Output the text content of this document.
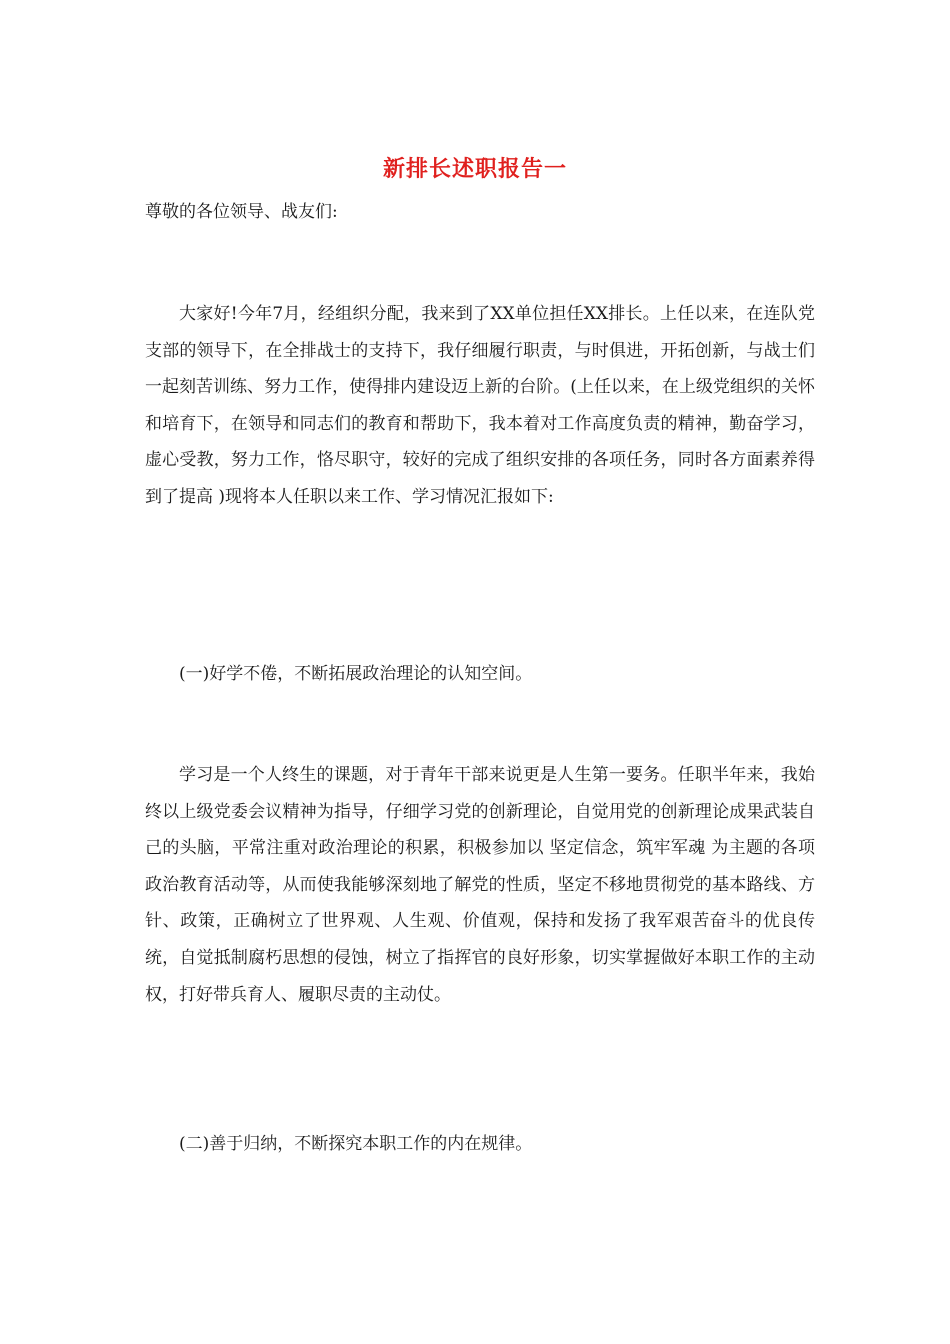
新排长述职报告一
尊敬的各位领导、战友们:

大家好!今年7月，经组织分配，我来到了XX单位担任XX排长。上任以来，在连队党支部的领导下，在全排战士的支持下，我仔细履行职责，与时俱进，开拓创新，与战士们一起刻苦训练、努力工作，使得排内建设迈上新的台阶。(上任以来，在上级党组织的关怀和培育下，在领导和同志们的教育和帮助下，我本着对工作高度负责的精神，勤奋学习，虚心受教，努力工作，恪尽职守，较好的完成了组织安排的各项任务，同时各方面素养得到了提高 )现将本人任职以来工作、学习情况汇报如下:

(一)好学不倦，不断拓展政治理论的认知空间。

学习是一个人终生的课题，对于青年干部来说更是人生第一要务。任职半年来，我始终以上级党委会议精神为指导，仔细学习党的创新理论，自觉用党的创新理论成果武装自己的头脑，平常注重对政治理论的积累，积极参加以 坚定信念，筑牢军魂 为主题的各项政治教育活动等，从而使我能够深刻地了解党的性质，坚定不移地贯彻党的基本路线、方针、政策，正确树立了世界观、人生观、价值观，保持和发扬了我军艰苦奋斗的优良传统，自觉抵制腐朽思想的侵蚀，树立了指挥官的良好形象，切实掌握做好本职工作的主动权，打好带兵育人、履职尽责的主动仗。

(二)善于归纳，不断探究本职工作的内在规律。
